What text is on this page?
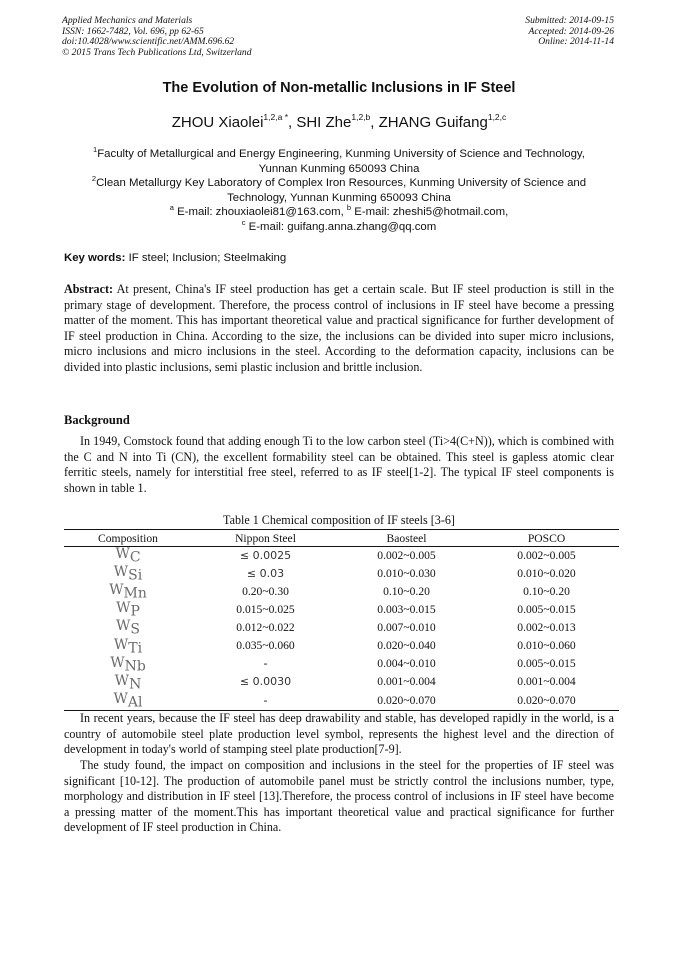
Applied Mechanics and Materials
ISSN: 1662-7482, Vol. 696, pp 62-65
doi:10.4028/www.scientific.net/AMM.696.62
© 2015 Trans Tech Publications Ltd, Switzerland
Submitted: 2014-09-15
Accepted: 2014-09-26
Online: 2014-11-14
The Evolution of Non-metallic Inclusions in IF Steel
ZHOU Xiaolei$^{1,2,a *}$, SHI Zhe$^{1,2,b}$, ZHANG Guifang$^{1,2,c}$
$^1$Faculty of Metallurgical and Energy Engineering, Kunming University of Science and Technology,
Yunnan Kunming 650093 China
$^2$Clean Metallurgy Key Laboratory of Complex Iron Resources, Kunming University of Science and
Technology, Yunnan Kunming 650093 China
$^a$ E-mail: zhouxiaolei81@163.com, $^b$ E-mail: zheshi5@hotmail.com,
$^c$ E-mail: guifang.anna.zhang@qq.com
Key words: IF steel; Inclusion; Steelmaking
Abstract: At present, China's IF steel production has get a certain scale. But IF steel production is still in the primary stage of development. Therefore, the process control of inclusions in IF steel have become a pressing matter of the moment. This has important theoretical value and practical significance for further development of IF steel production in China. According to the size, the inclusions can be divided into super micro inclusions, micro inclusions and micro inclusions in the steel. According to the deformation capacity, inclusions can be divided into plastic inclusions, semi plastic inclusion and brittle inclusion.
Background
In 1949, Comstock found that adding enough Ti to the low carbon steel (Ti>4(C+N)), which is combined with the C and N into Ti (CN), the excellent formability steel can be obtained. This steel is gapless atomic clear ferritic steels, namely for interstitial free steel, referred to as IF steel[1-2]. The typical IF steel components is shown in table 1.
Table 1 Chemical composition of IF steels [3-6]
Composition	Nippon Steel	Baosteel	POSCO
$W_C$	≤ 0.0025	0.002~0.005	0.002~0.005
$W_{Si}$	≤ 0.03	0.010~0.030	0.010~0.020
$W_{Mn}$	0.20~0.30	0.10~0.20	0.10~0.20
$W_P$	0.015~0.025	0.003~0.015	0.005~0.015
$W_S$	0.012~0.022	0.007~0.010	0.002~0.013
$W_{Ti}$	0.035~0.060	0.020~0.040	0.010~0.060
$W_{Nb}$	-	0.004~0.010	0.005~0.015
$W_N$	≤ 0.0030	0.001~0.004	0.001~0.004
$W_{Al}$	-	0.020~0.070	0.020~0.070
In recent years, because the IF steel has deep drawability and stable, has developed rapidly in the world, is a country of automobile steel plate production level symbol, represents the highest level and the direction of development in today's world of stamping steel plate production[7-9].
The study found, the impact on composition and inclusions in the steel for the properties of IF steel was significant [10-12]. The production of automobile panel must be strictly control the inclusions number, type, morphology and distribution in IF steel [13].Therefore, the process control of inclusions in IF steel have become a pressing matter of the moment.This has important theoretical value and practical significance for further development of IF steel production in China.
